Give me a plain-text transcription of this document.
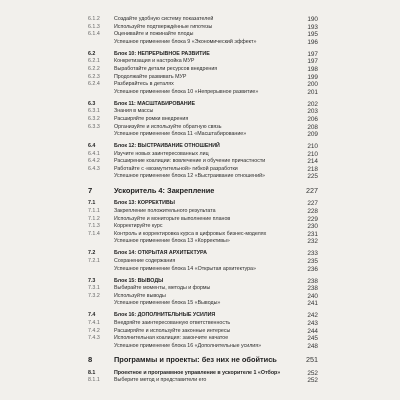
6.1.2	Создайте удобную систему показателей	190
6.1.3	Используйте подтверждённые гипотезы	193
6.1.4	Оценивайте и пожинайте плоды	195
Успешное применение блока 9 «Экономический эффект»	196
6.2	Блок 10: НЕПРЕРЫВНОЕ РАЗВИТИЕ	197
6.2.1	Конкретизация и настройка МУР	197
6.2.2	Выработайте детали ресурсов внедрения	198
6.2.3	Продолжайте развивать МУР	199
6.2.4	Разбирайтесь в деталях	200
Успешное применение блока 10 «Непрерывное развитие»	201
6.3	Блок 11: МАСШТАБИРОВАНИЕ	202
6.3.1	Знания в массы	203
6.3.2	Расширяйте ромки внедрения	206
6.3.3	Организуйте и используйте обратную связь	208
Успешное применение блока 11 «Масштабирование»	209
6.4	Блок 12: ВЫСТРАИВАНИЕ ОТНОШЕНИЙ	210
6.4.1	Изучите новых заинтересованных лиц	210
6.4.2	Расширение коалиции: вовлечение и обучение причастности	214
6.4.3	Работайте с «возмутительной» гибкой разработки	218
Успешное применение блока 12 «Выстраивание отношений»	225
7	Ускоритель 4: Закрепление	227
7.1	Блок 13: КОРРЕКТИВЫ	227
7.1.1	Закрепление положительного результата	228
7.1.2	Используйте и мониторьте выполнение планов	229
7.1.3	Корректируйте курс	230
7.1.4	Контроль и корректировка курса в цифровых бизнес-моделях	231
Успешное применение блока 13 «Коррективы»	232
7.2	Блок 14: ОТКРЫТАЯ АРХИТЕКТУРА	233
7.2.1	Сохранение содержания	235
Успешное применение блока 14 «Открытая архитектура»	236
7.3	Блок 15: ВЫВОДЫ	238
7.3.1	Выбирайте моменты, методы и формы	238
7.3.2	Используйте выводы	240
Успешное применение блока 15 «Выводы»	241
7.4	Блок 16: ДОПОЛНИТЕЛЬНЫЕ УСИЛИЯ	242
7.4.1	Внедряйте заинтересованную ответственность	243
7.4.2	Расширяйте и используйте законные интересы	244
7.4.3	Исполнительная коалиция: закончите начатое	245
Успешное применение блока 16 «Дополнительные усилия»	248
8	Программы и проекты: без них не обойтись	251
8.1	Проектное и программное управление в ускорителе 1 «Отбор»	252
8.1.1	Выберите метод и представители его	252
